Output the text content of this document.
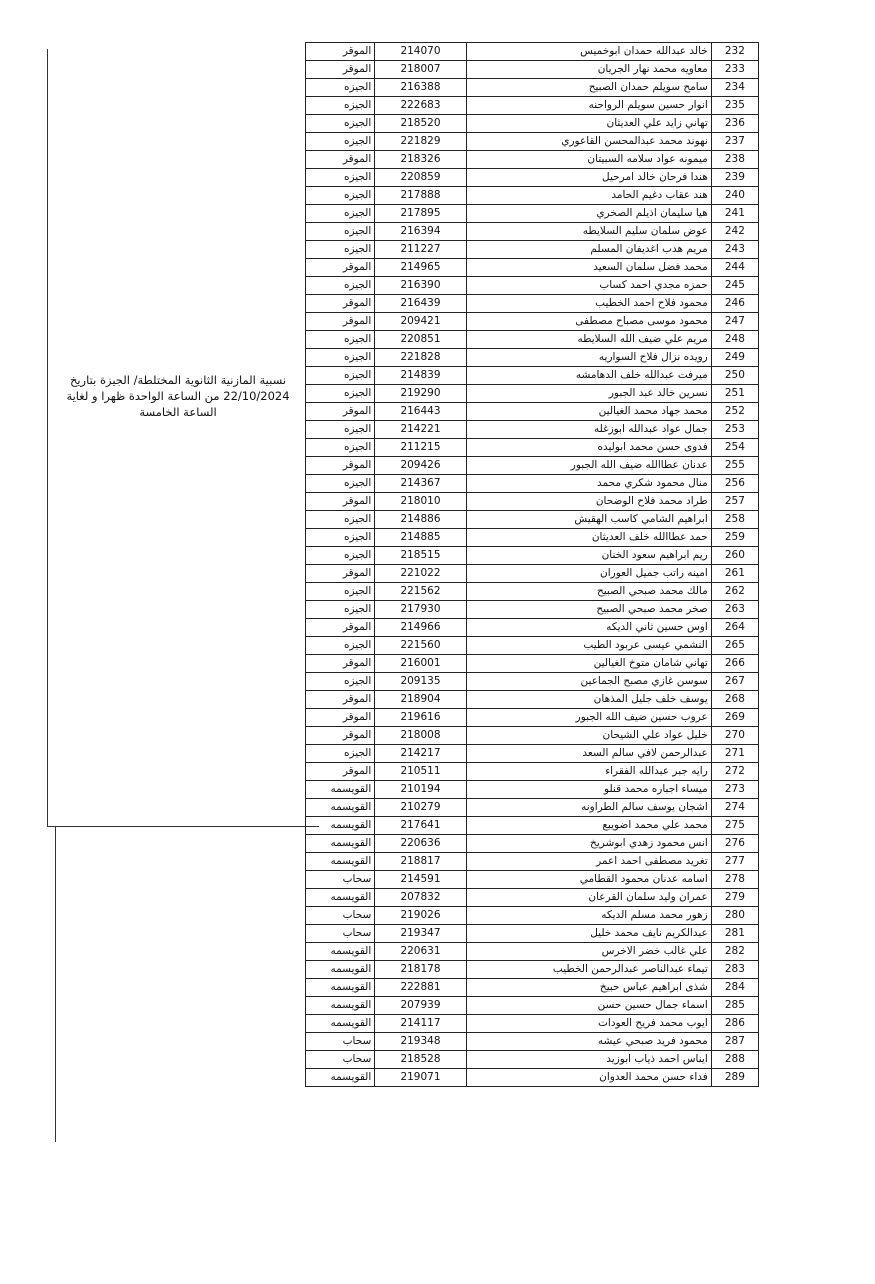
نسبية المازنية الثانوية المختلطة/ الجيزة بتاريخ
22/10/2024 من الساعة الواحدة ظهرا و لغاية
الساعة الخامسة
الموقر	214070	خالد عبدالله حمدان ابوخميس	232
الموقر	218007	معاويه محمد نهار الجريان	233
الجيزه	216388	سامح سويلم حمدان الصبيح	234
الجيزه	222683	انوار حسين سويلم الرواحنه	235
الجيزه	218520	تهاني زايد علي العديثان	236
الجيزه	221829	نهوند محمد عبدالمحسن القاعوري	237
الموقر	218326	ميمونه عواد سلامه السبيتان	238
الجيزه	220859	هندا فرحان خالد امرحيل	239
الجيزه	217888	هند عقاب دغيم الحامد	240
الجيزه	217895	هيا سليمان اذيلم الصخري	241
الجيزه	216394	عوض سلمان سليم السلايطه	242
الجيزه	211227	مريم هدب اغديفان المسلم	243
الموقر	214965	محمد فضل سلمان السعيد	244
الجيزه	216390	حمزه مجدي احمد كساب	245
الموقر	216439	محمود فلاح احمد الخطيب	246
الموقر	209421	محمود موسى مصباح مصطفى	247
الجيزه	220851	مريم علي ضيف الله السلايطه	248
الجيزه	221828	رويده نزال فلاح السواريه	249
الجيزه	214839	ميرفت عبدالله خلف الدهامشه	250
الجيزه	219290	نسرين خالد عبد الجبور	251
الموقر	216443	محمد جهاد محمد الغيالين	252
الجيزه	214221	جمال عواد عبدالله ابوزغله	253
الجيزه	211215	فدوى حسن محمد ابوليده	254
الموقر	209426	عدنان عطاالله ضيف الله الجبور	255
الجيزه	214367	منال محمود شكري محمد	256
الموقر	218010	طراد محمد فلاح الوضحان	257
الجيزه	214886	ابراهيم الشامي كاسب الهقيش	258
الجيزه	214885	حمد عطاالله خلف العديثان	259
الجيزه	218515	ريم ابراهيم سعود الخنان	260
الموقر	221022	امينه راتب جميل العوران	261
الجيزه	221562	مالك محمد صبحي الصبيح	262
الجيزه	217930	صخر محمد صبحي الصبيح	263
الموقر	214966	اوس حسين ثاني الديكه	264
الجيزه	221560	النشمي عيسى عربود الطيب	265
الموقر	216001	تهاني شامان متوخ الغيالين	266
الجيزه	209135	سوسن غازي مصبح الجماعين	267
الموقر	218904	يوسف خلف جليل المذهان	268
الموقر	219616	عروب حسين ضيف الله الجبور	269
الموقر	218008	خليل عواد علي الشيحان	270
الجيزه	214217	عبدالرحمن لافي سالم السعد	271
الموقر	210511	رايه جبر عبدالله الفقراء	272
القويسمه	210194	ميساء اجباره محمد قنلو	273
القويسمه	210279	اشجان يوسف سالم الطراونه	274
القويسمه	217641	محمد علي محمد اضويبع	275
القويسمه	220636	انس محمود زهدي ابوشريخ	276
القويسمه	218817	تغريد مصطفى احمد اعمر	277
سحاب	214591	اسامه عدنان محمود القطامي	278
القويسمه	207832	عمران وليد سلمان القرعان	279
سحاب	219026	زهور محمد مسلم الديكه	280
سحاب	219347	عبدالكريم نايف محمد خليل	281
القويسمه	220631	علي غالب خضر الاخرس	282
القويسمه	218178	تيماء عبدالناصر عبدالرحمن الخطيب	283
القويسمه	222881	شذى ابراهيم عباس حبيخ	284
القويسمه	207939	اسماء جمال حسين حسن	285
القويسمه	214117	ايوب محمد فريح العودات	286
سحاب	219348	محمود فريد صبحي عيشه	287
سحاب	218528	ايناس احمد ذياب ابوزيد	288
القويسمه	219071	فداء حسن محمد العدوان	289
